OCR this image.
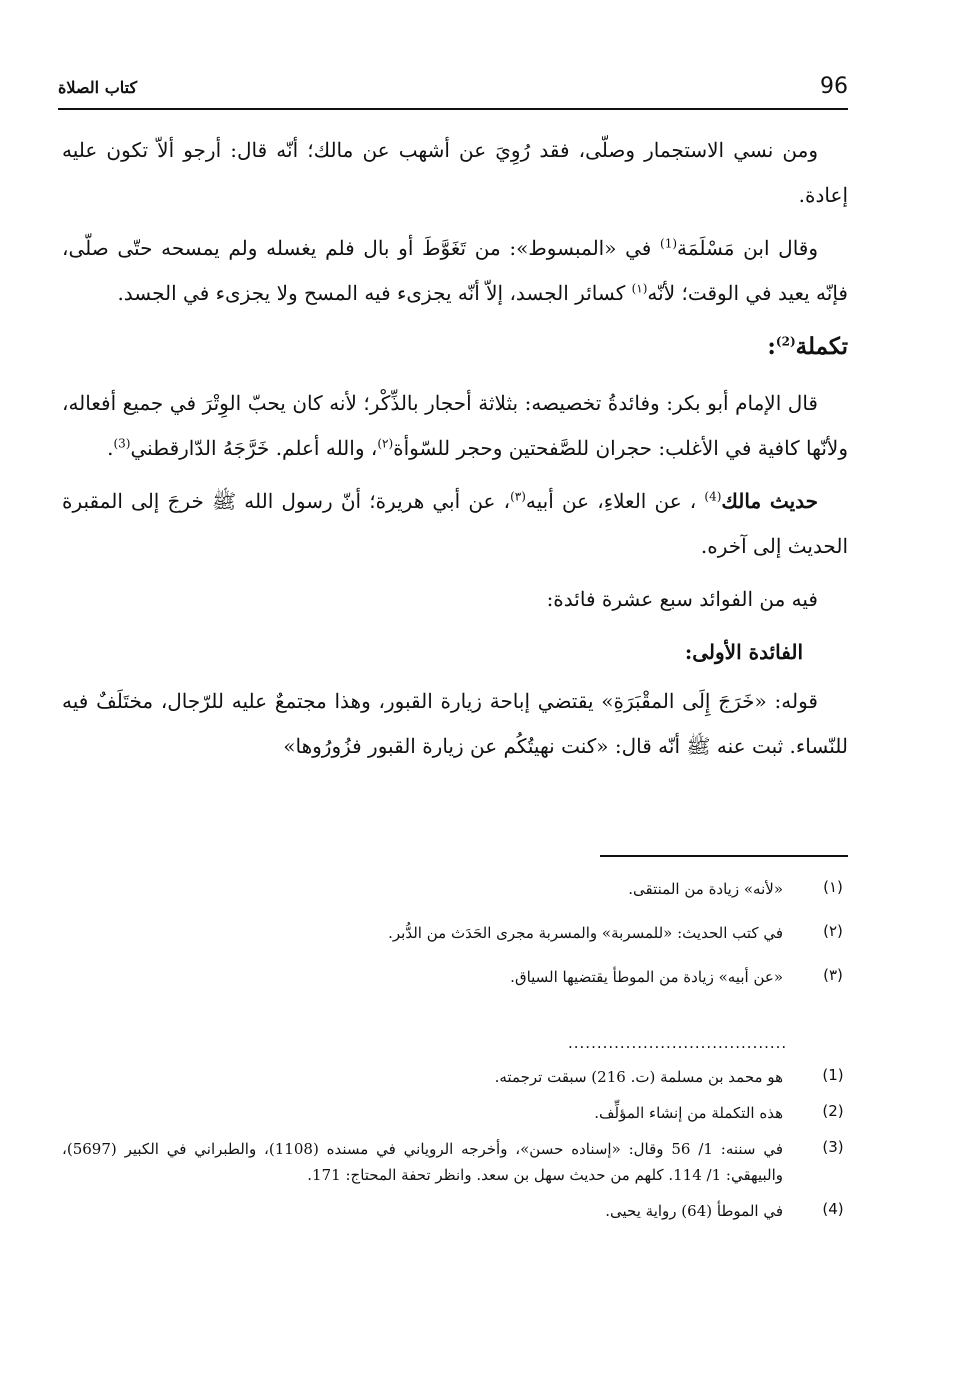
96
كتاب الصلاة

ومن نسي الاستجمار وصلّى، فقد رُوِيَ عن أشهب عن مالك؛ أنّه قال: أرجو ألاّ تكون عليه إعادة.

وقال ابن مَسْلَمَة$^{(1)}$ في «المبسوط»: من تَغَوَّطَ أو بال فلم يغسله ولم يمسحه حتّى صلّى، فإنّه يعيد في الوقت؛ لأنّه$^{(١)}$ كسائر الجسد، إلاّ أنّه يجزىء فيه المسح ولا يجزىء في الجسد.

تكملة$^{(2)}$:

قال الإمام أبو بكر: وفائدةُ تخصيصه: بثلاثة أحجار بالذِّكْر؛ لأنه كان يحبّ الوِتْرَ في جميع أفعاله، ولأنّها كافية في الأغلب: حجران للصَّفحتين وحجر للسّوأة$^{(٢)}$، والله أعلم. خَرَّجَهُ الدّارقطني$^{(3)}$.

حديث مالك$^{(4)}$ ، عن العلاءِ، عن أبيه$^{(٣)}$، عن أبي هريرة؛ أنّ رسول الله ﷺ خرجَ إلى المقبرة الحديث إلى آخره.

فيه من الفوائد سبع عشرة فائدة:

الفائدة الأولى:

قوله: «خَرَجَ إِلَى المقْبَرَةِ» يقتضي إباحة زيارة القبور، وهذا مجتمعٌ عليه للرّجال، مختَلَفٌ فيه للنّساء. ثبت عنه ﷺ أنّه قال: «كنت نهيتُكُم عن زيارة القبور فزُورُوها»

(١)
«لأنه» زيادة من المنتقى.
(٢)
في كتب الحديث: «للمسربة» والمسربة مجرى الحَدَث من الدُّبر.
(٣)
«عن أبيه» زيادة من الموطأ يقتضيها السياق.
......................................
(1)
هو محمد بن مسلمة (ت. 216) سبقت ترجمته.
(2)
هذه التكملة من إنشاء المؤلِّف.
(3)
في سننه: 1/ 56 وقال: «إسناده حسن»، وأخرجه الروياني في مسنده (1108)، والطبراني في الكبير (5697)، والبيهقي: 1/ 114. كلهم من حديث سهل بن سعد. وانظر تحفة المحتاج: 171.
(4)
في الموطأ (64) رواية يحيى.
